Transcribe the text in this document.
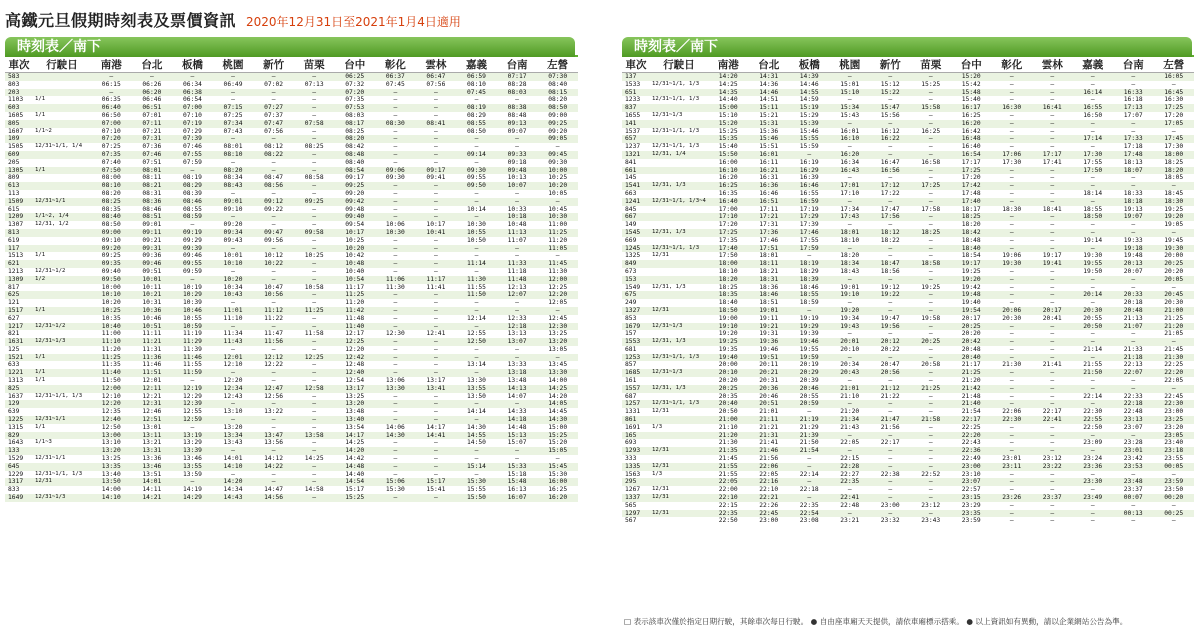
高鐵元旦假期時刻表及票價資訊 2020年12月31日至2021年1月4日適用
時刻表／南下
車次	行駛日	南港	台北	板橋	桃園	新竹	苗栗	台中	彰化	雲林	嘉義	台南	左營
583		—	—	—	—	—	—	06:25	06:37	06:47	06:59	07:17	07:30
803		06:15	06:26	06:34	06:49	07:02	07:13	07:32	07:45	07:56	08:10	08:28	08:40
203		—	06:20	06:38	—	—	—	07:20	—	—	07:45	08:03	08:15
1103	1/1	06:35	06:46	06:54	—	—	—	07:35	—	—	—	—	08:20
603		06:40	06:51	07:00	07:15	07:27	—	07:53	—	—	08:19	08:38	08:50
1605	1/1	06:50	07:01	07:10	07:25	07:37	—	08:03	—	—	08:29	08:48	09:00
805		07:00	07:11	07:19	07:34	07:47	07:58	08:17	08:30	08:41	08:55	09:13	09:25
1607	1/1~2	07:10	07:21	07:29	07:43	07:56	—	08:25	—	—	08:50	09:07	09:20
109		07:20	07:31	07:39	—	—	—	08:20	—	—	—	—	09:05
1505	12/31~1/1, 1/4	07:25	07:36	07:46	08:01	08:12	08:25	08:42	—	—	—	—	—
609		07:35	07:46	07:55	08:10	08:22	—	08:48	—	—	09:14	09:33	09:45
205		07:40	07:51	07:59	—	—	—	08:40	—	—	—	09:18	09:30
1305	1/1	07:50	08:01	—	08:20	—	—	08:54	09:06	09:17	09:30	09:48	10:00
809		08:00	08:11	08:19	08:34	08:47	08:58	09:17	09:30	09:41	09:55	10:13	10:25
613		08:10	08:21	08:29	08:43	08:56	—	09:25	—	—	09:50	10:07	10:20
113		08:20	08:31	08:39	—	—	—	09:20	—	—	—	—	10:05
1509	12/31~1/1	08:25	08:36	08:46	09:01	09:12	09:25	09:42	—	—	—	—	—
615		08:35	08:46	08:55	09:10	09:22	—	09:48	—	—	10:14	10:33	10:45
1209	1/1~2, 1/4	08:40	08:51	08:59	—	—	—	09:40	—	—	—	10:18	10:30
1307	12/31, 1/2	08:50	09:01	—	09:20	—	—	09:54	10:06	10:17	10:30	10:48	11:00
813		09:00	09:11	09:19	09:34	09:47	09:58	10:17	10:30	10:41	10:55	11:13	11:25
619		09:10	09:21	09:29	09:43	09:56	—	10:25	—	—	10:50	11:07	11:20
117		09:20	09:31	09:39	—	—	—	10:20	—	—	—	—	11:05
1513	1/1	09:25	09:36	09:46	10:01	10:12	10:25	10:42	—	—	—	—	—
621		09:35	09:46	09:55	10:10	10:22	—	10:48	—	—	11:14	11:33	11:45
1213	12/31~1/2	09:40	09:51	09:59	—	—	—	10:40	—	—	—	11:18	11:30
1309	1/2	09:50	10:01	—	10:20	—	—	10:54	11:06	11:17	11:30	11:48	12:00
817		10:00	10:11	10:19	10:34	10:47	10:58	11:17	11:30	11:41	11:55	12:13	12:25
625		10:10	10:21	10:29	10:43	10:56	—	11:25	—	—	11:50	12:07	12:20
121		10:20	10:31	10:39	—	—	—	11:20	—	—	—	—	12:05
1517	1/1	10:25	10:36	10:46	11:01	11:12	11:25	11:42	—	—	—	—	—
627		10:35	10:46	10:55	11:10	11:22	—	11:48	—	—	12:14	12:33	12:45
1217	12/31~1/2	10:40	10:51	10:59	—	—	—	11:40	—	—	—	12:18	12:30
821		11:00	11:11	11:19	11:34	11:47	11:58	12:17	12:30	12:41	12:55	13:13	13:25
1631	12/31~1/3	11:10	11:21	11:29	11:43	11:56	—	12:25	—	—	12:50	13:07	13:20
125		11:20	11:31	11:39	—	—	—	12:20	—	—	—	—	13:05
1521	1/1	11:25	11:36	11:46	12:01	12:12	12:25	12:42	—	—	—	—	—
633		11:35	11:46	11:55	12:10	12:22	—	12:48	—	—	13:14	13:33	13:45
1221	1/1	11:40	11:51	11:59	—	—	—	12:40	—	—	—	13:18	13:30
1313	1/1	11:50	12:01	—	12:20	—	—	12:54	13:06	13:17	13:30	13:48	14:00
825		12:00	12:11	12:19	12:34	12:47	12:58	13:17	13:30	13:41	13:55	14:13	14:25
1637	12/31~1/1, 1/3	12:10	12:21	12:29	12:43	12:56	—	13:25	—	—	13:50	14:07	14:20
129		12:20	12:31	12:39	—	—	—	13:20	—	—	—	—	14:05
639		12:35	12:46	12:55	13:10	13:22	—	13:48	—	—	14:14	14:33	14:45
1225	12/31~1/1	12:40	12:51	12:59	—	—	—	13:40	—	—	—	14:18	14:30
1315	1/1	12:50	13:01	—	13:20	—	—	13:54	14:06	14:17	14:30	14:48	15:00
829		13:00	13:11	13:19	13:34	13:47	13:58	14:17	14:30	14:41	14:55	15:13	15:25
1643	1/1~3	13:10	13:21	13:29	13:43	13:56	—	14:25	—	—	14:50	15:07	15:20
133		13:20	13:31	13:39	—	—	—	14:20	—	—	—	—	15:05
1529	12/31~1/1	13:25	13:36	13:46	14:01	14:12	14:25	14:42	—	—	—	—	—
645		13:35	13:46	13:55	14:10	14:22	—	14:48	—	—	15:14	15:33	15:45
1229	12/31~1/1, 1/3	13:40	13:51	13:59	—	—	—	14:40	—	—	—	15:18	15:30
1317	12/31	13:50	14:01	—	14:20	—	—	14:54	15:06	15:17	15:30	15:48	16:00
833		14:00	14:11	14:19	14:34	14:47	14:58	15:17	15:30	15:41	15:55	16:13	16:25
1649	12/31~1/3	14:10	14:21	14:29	14:43	14:56	—	15:25	—	—	15:50	16:07	16:20
時刻表／南下
車次	行駛日	南港	台北	板橋	桃園	新竹	苗栗	台中	彰化	雲林	嘉義	台南	左營
137		14:20	14:31	14:39	—	—	—	15:20	—	—	—	—	16:05
1533	12/31~1/1, 1/3	14:25	14:36	14:46	15:01	15:12	15:25	15:42	—	—	—	—	—
651		14:35	14:46	14:55	15:10	15:22	—	15:48	—	—	16:14	16:33	16:45
1233	12/31~1/1, 1/3	14:40	14:51	14:59	—	—	—	15:40	—	—	—	16:18	16:30
837		15:00	15:11	15:19	15:34	15:47	15:58	16:17	16:30	16:41	16:55	17:13	17:25
1655	12/31~1/3	15:10	15:21	15:29	15:43	15:56	—	16:25	—	—	16:50	17:07	17:20
141		15:20	15:31	15:39	—	—	—	16:20	—	—	—	—	17:05
1537	12/31~1/1, 1/3	15:25	15:36	15:46	16:01	16:12	16:25	16:42	—	—	—	—	—
657		15:35	15:46	15:55	16:10	16:22	—	16:48	—	—	17:14	17:33	17:45
1237	12/31~1/1, 1/3	15:40	15:51	15:59	—	—	—	16:40	—	—	—	17:18	17:30
1321	12/31, 1/4	15:50	16:01	—	16:20	—	—	16:54	17:06	17:17	17:30	17:48	18:00
841		16:00	16:11	16:19	16:34	16:47	16:58	17:17	17:30	17:41	17:55	18:13	18:25
661		16:10	16:21	16:29	16:43	16:56	—	17:25	—	—	17:50	18:07	18:20
145		16:20	16:31	16:39	—	—	—	17:20	—	—	—	—	18:05
1541	12/31, 1/3	16:25	16:36	16:46	17:01	17:12	17:25	17:42	—	—	—	—	—
663		16:35	16:46	16:55	17:10	17:22	—	17:48	—	—	18:14	18:33	18:45
1241	12/31~1/1, 1/3~4	16:40	16:51	16:59	—	—	—	17:40	—	—	—	18:18	18:30
845		17:00	17:11	17:19	17:34	17:47	17:58	18:17	18:30	18:41	18:55	19:13	19:25
667		17:10	17:21	17:29	17:43	17:56	—	18:25	—	—	18:50	19:07	19:20
149		17:20	17:31	17:39	—	—	—	18:20	—	—	—	—	19:05
1545	12/31, 1/3	17:25	17:36	17:46	18:01	18:12	18:25	18:42	—	—	—	—	—
669		17:35	17:46	17:55	18:10	18:22	—	18:48	—	—	19:14	19:33	19:45
1245	12/31~1/1, 1/3	17:40	17:51	17:59	—	—	—	18:40	—	—	—	19:18	19:30
1325	12/31	17:50	18:01	—	18:20	—	—	18:54	19:06	19:17	19:30	19:48	20:00
849		18:00	18:11	18:19	18:34	18:47	18:58	19:17	19:30	19:41	19:55	20:13	20:25
673		18:10	18:21	18:29	18:43	18:56	—	19:25	—	—	19:50	20:07	20:20
153		18:20	18:31	18:39	—	—	—	19:20	—	—	—	—	20:05
1549	12/31, 1/3	18:25	18:36	18:46	19:01	19:12	19:25	19:42	—	—	—	—	—
675		18:35	18:46	18:55	19:10	19:22	—	19:48	—	—	20:14	20:33	20:45
249		18:40	18:51	18:59	—	—	—	19:40	—	—	—	20:18	20:30
1327	12/31	18:50	19:01	—	19:20	—	—	19:54	20:06	20:17	20:30	20:48	21:00
853		19:00	19:11	19:19	19:34	19:47	19:58	20:17	20:30	20:41	20:55	21:13	21:25
1679	12/31~1/3	19:10	19:21	19:29	19:43	19:56	—	20:25	—	—	20:50	21:07	21:20
157		19:20	19:31	19:39	—	—	—	20:20	—	—	—	—	21:05
1553	12/31, 1/3	19:25	19:36	19:46	20:01	20:12	20:25	20:42	—	—	—	—	—
681		19:35	19:46	19:55	20:10	20:22	—	20:48	—	—	21:14	21:33	21:45
1253	12/31~1/1, 1/3	19:40	19:51	19:59	—	—	—	20:40	—	—	—	21:18	21:30
857		20:00	20:11	20:19	20:34	20:47	20:58	21:17	21:30	21:41	21:55	22:13	22:25
1685	12/31~1/3	20:10	20:21	20:29	20:43	20:56	—	21:25	—	—	21:50	22:07	22:20
161		20:20	20:31	20:39	—	—	—	21:20	—	—	—	—	22:05
1557	12/31, 1/3	20:25	20:36	20:46	21:01	21:12	21:25	21:42	—	—	—	—	—
687		20:35	20:46	20:55	21:10	21:22	—	21:48	—	—	22:14	22:33	22:45
1257	12/31~1/1, 1/3	20:40	20:51	20:59	—	—	—	21:40	—	—	—	22:18	22:30
1331	12/31	20:50	21:01	—	21:20	—	—	21:54	22:06	22:17	22:30	22:48	23:00
861		21:00	21:11	21:19	21:34	21:47	21:58	22:17	22:30	22:41	22:55	23:13	23:25
1691	1/3	21:10	21:21	21:29	21:43	21:56	—	22:25	—	—	22:50	23:07	23:20
165		21:20	21:31	21:39	—	—	—	22:20	—	—	—	—	23:05
693		21:30	21:41	21:50	22:05	22:17	—	22:43	—	—	23:09	23:28	23:40
1293	12/31	21:35	21:46	21:54	—	—	—	22:36	—	—	—	23:01	23:18
333		21:45	21:56	—	22:15	—	—	22:49	23:01	23:12	23:24	23:42	23:55
1335	12/31	21:55	22:06	—	22:28	—	—	23:00	23:11	23:22	23:36	23:53	00:05
1563	1/3	21:55	22:05	22:14	22:27	22:38	22:52	23:10	—	—	—	—	—
295		22:05	22:16	—	22:35	—	—	23:07	—	—	23:30	23:48	23:59
1267	12/31	22:00	22:10	22:18	—	—	—	22:57	—	—	—	23:37	23:50
1337	12/31	22:10	22:21	—	22:41	—	—	23:15	23:26	23:37	23:49	00:07	00:20
565		22:15	22:26	22:35	22:48	23:00	23:12	23:29	—	—	—	—	—
1297	12/31	22:35	22:45	22:54	—	—	—	23:35	—	—	—	00:13	00:25
567		22:50	23:00	23:08	23:21	23:32	23:43	23:59	—	—	—	—	—
□ 表示該車次僅於指定日期行駛，其餘車次每日行駛。 ● 自由座車廂天天提供，請依車廂標示搭乘。 ● 以上資訊如有異動，請以企業網站公告為準。
